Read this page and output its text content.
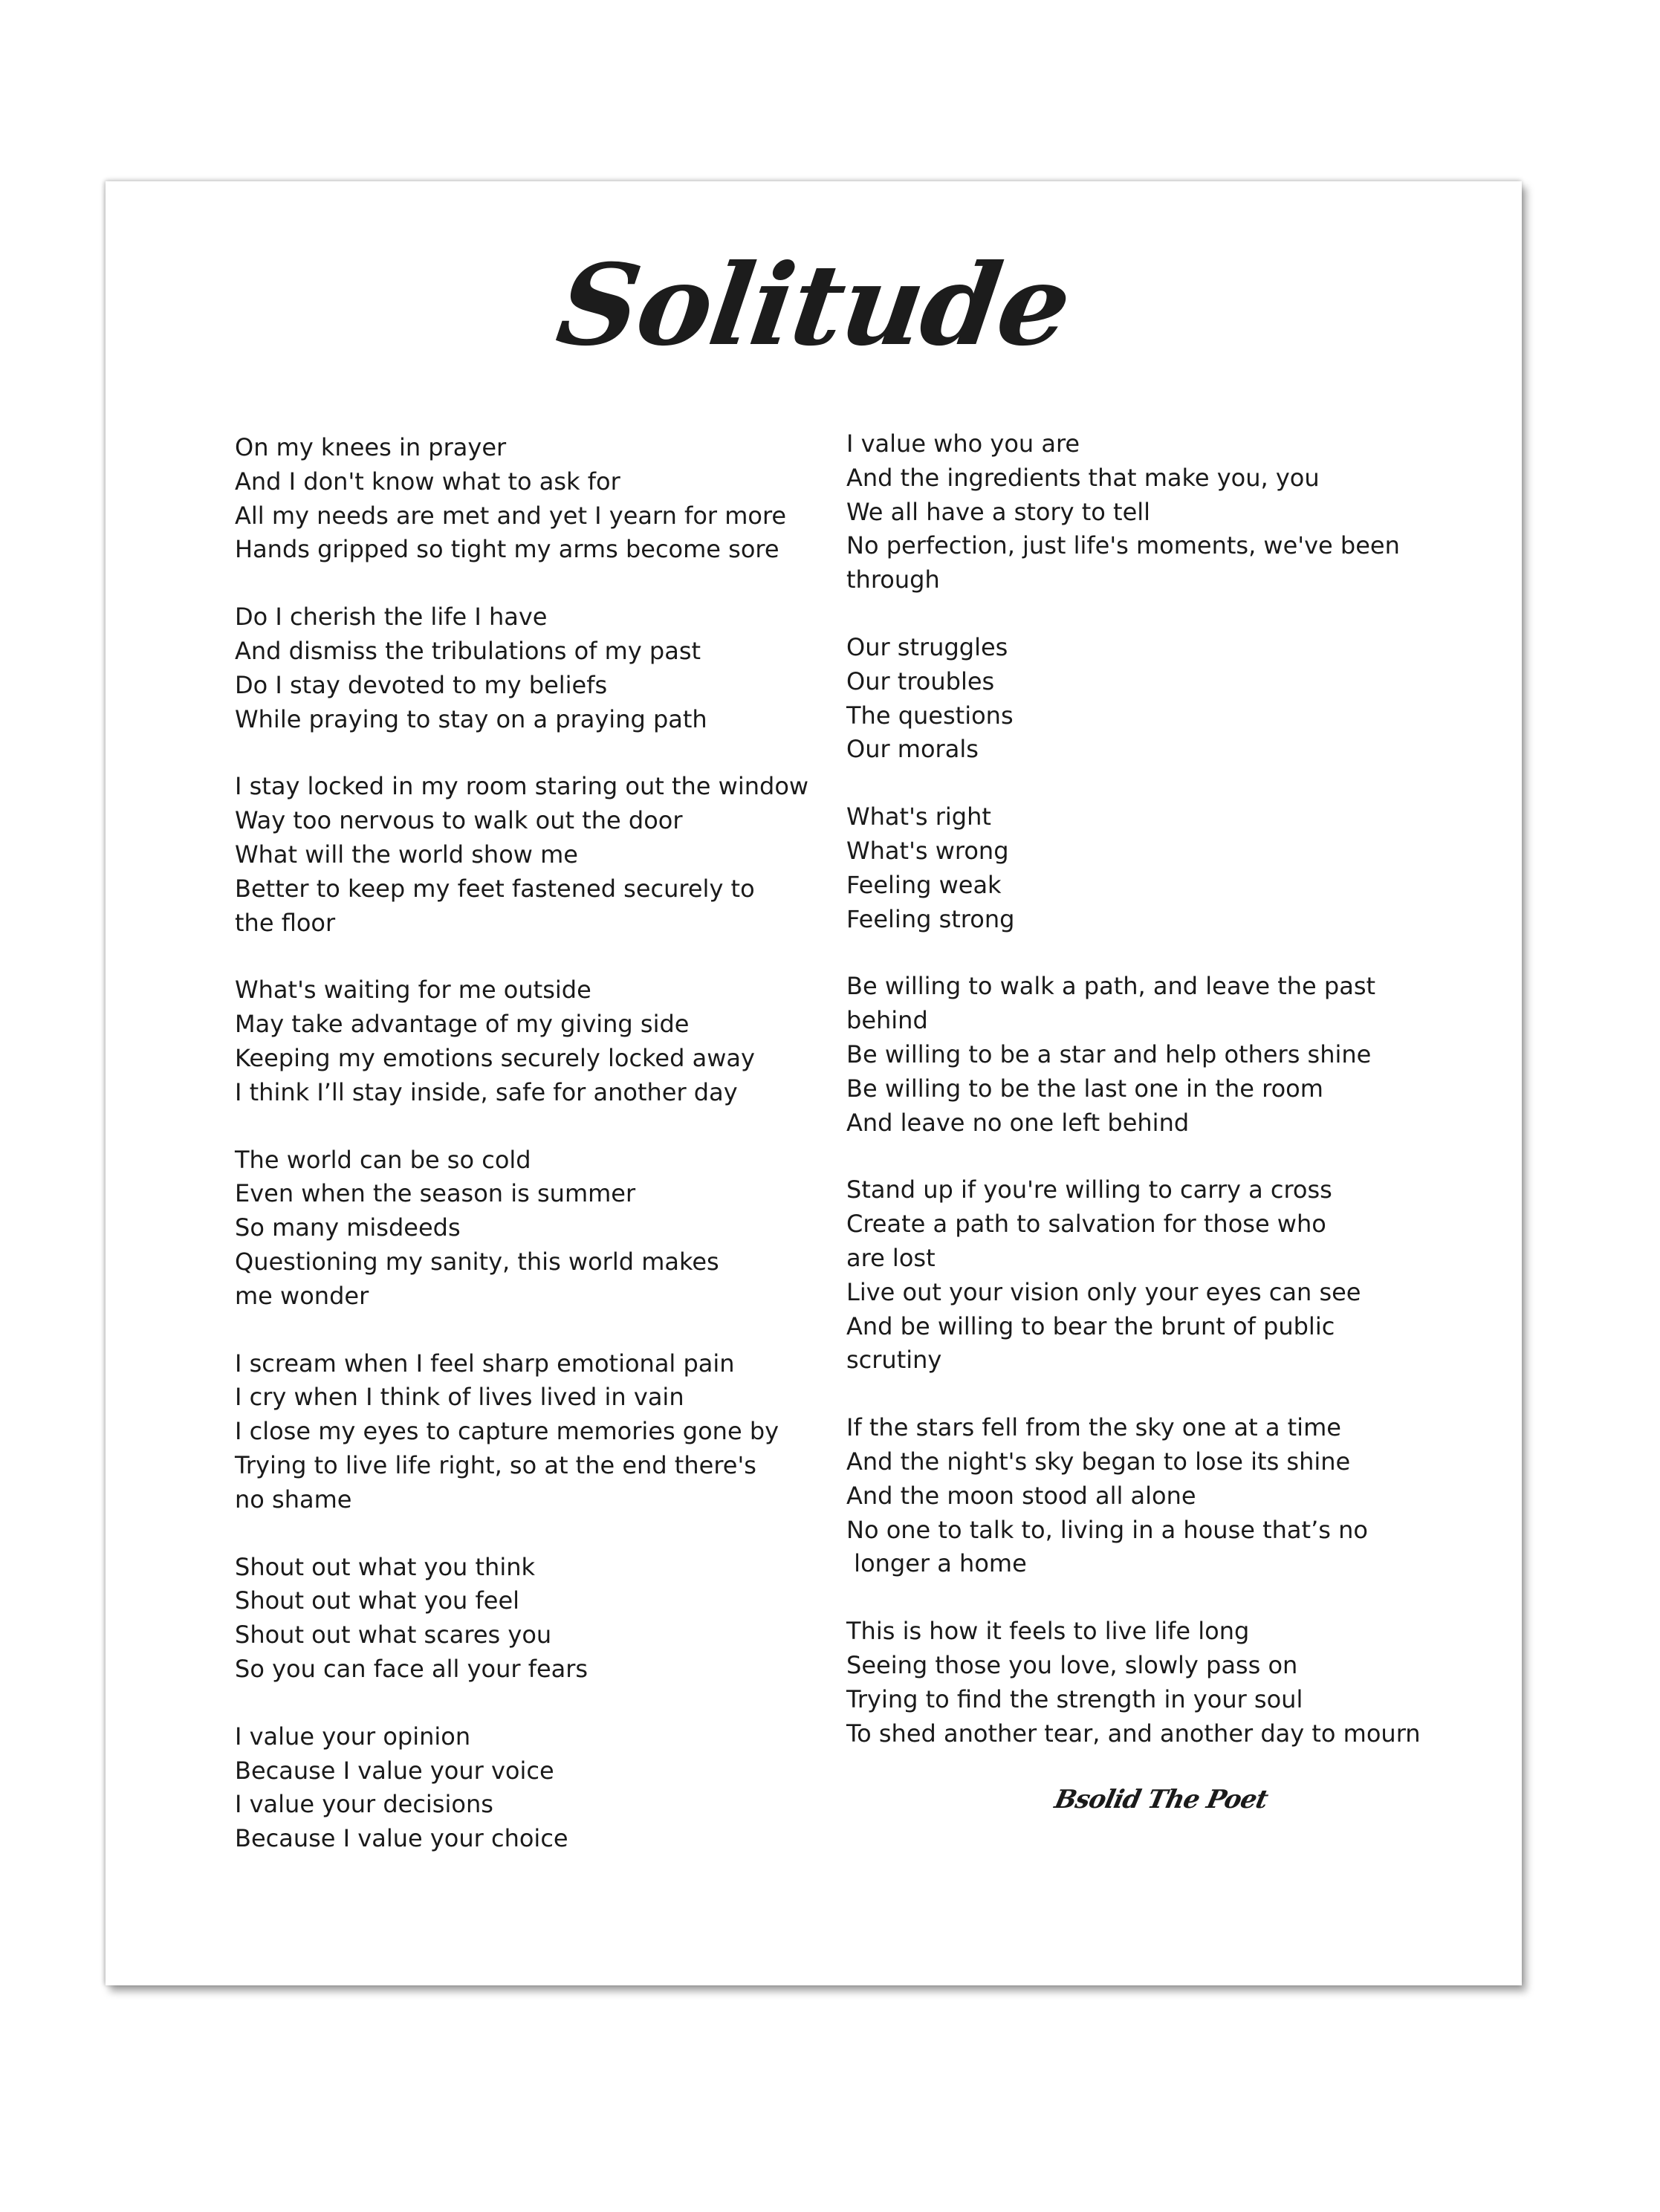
Solitude
On my knees in prayer
And I don't know what to ask for
All my needs are met and yet I yearn for more
Hands gripped so tight my arms become sore
Do I cherish the life I have
And dismiss the tribulations of my past
Do I stay devoted to my beliefs
While praying to stay on a praying path
I stay locked in my room staring out the window
Way too nervous to walk out the door
What will the world show me
Better to keep my feet fastened securely to
the floor
What's waiting for me outside
May take advantage of my giving side
Keeping my emotions securely locked away
I think I’ll stay inside, safe for another day
The world can be so cold
Even when the season is summer
So many misdeeds
Questioning my sanity, this world makes
me wonder
I scream when I feel sharp emotional pain
I cry when I think of lives lived in vain
I close my eyes to capture memories gone by
Trying to live life right, so at the end there's
no shame
Shout out what you think
Shout out what you feel
Shout out what scares you
So you can face all your fears
I value your opinion
Because I value your voice
I value your decisions
Because I value your choice
I value who you are
And the ingredients that make you, you
We all have a story to tell
No perfection, just life's moments, we've been
through
Our struggles
Our troubles
The questions
Our morals
What's right
What's wrong
Feeling weak
Feeling strong
Be willing to walk a path, and leave the past
behind
Be willing to be a star and help others shine
Be willing to be the last one in the room
And leave no one left behind
Stand up if you're willing to carry a cross
Create a path to salvation for those who
are lost
Live out your vision only your eyes can see
And be willing to bear the brunt of public
scrutiny
If the stars fell from the sky one at a time
And the night's sky began to lose its shine
And the moon stood all alone
No one to talk to, living in a house that’s no
longer a home
This is how it feels to live life long
Seeing those you love, slowly pass on
Trying to find the strength in your soul
To shed another tear, and another day to mourn
Bsolid The Poet
